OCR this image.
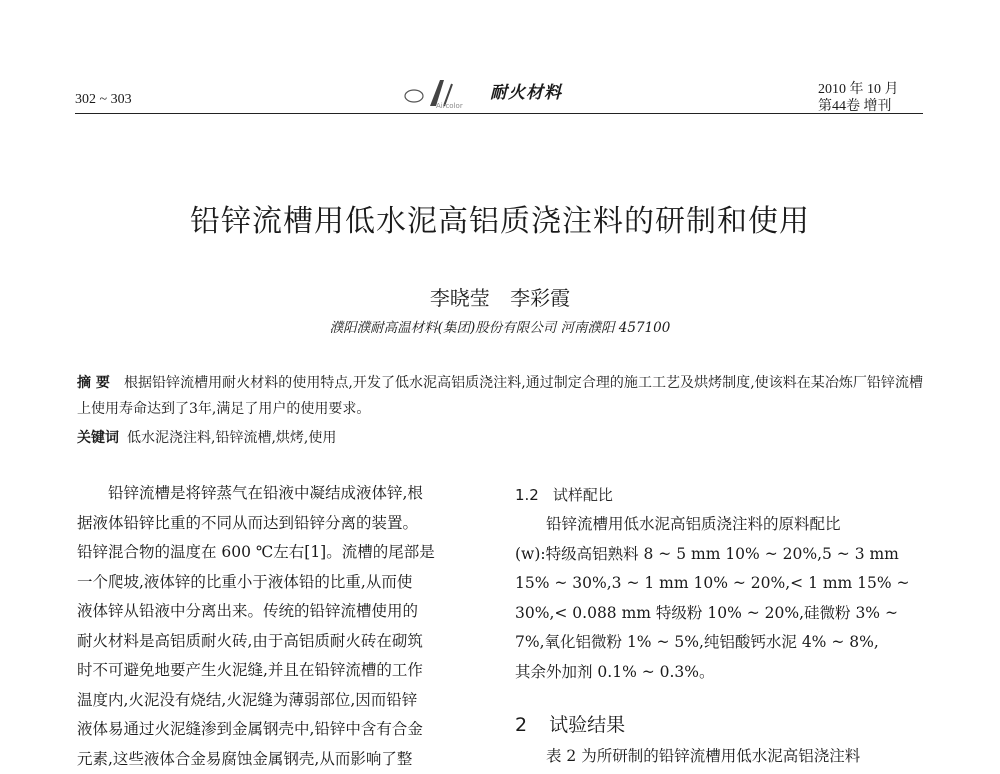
302 ~ 303	Aircolor
耐火材料	2010 年 10 月
第44卷 增刊
铅锌流槽用低水泥高铝质浇注料的研制和使用
李晓莹 李彩霞
濮阳濮耐高温材料(集团)股份有限公司 河南濮阳 457100
摘 要 根据铅锌流槽用耐火材料的使用特点,开发了低水泥高铝质浇注料,通过制定合理的施工工艺及烘烤制度,使该料在某冶炼厂铅锌流槽上使用寿命达到了3年,满足了用户的使用要求。
关键词 低水泥浇注料,铅锌流槽,烘烤,使用
铅锌流槽是将锌蒸气在铅液中凝结成液体锌,根
据液体铅锌比重的不同从而达到铅锌分离的装置。
铅锌混合物的温度在 600 ℃左右[1]。流槽的尾部是
一个爬坡,液体锌的比重小于液体铅的比重,从而使
液体锌从铅液中分离出来。传统的铅锌流槽使用的
耐火材料是高铝质耐火砖,由于高铝质耐火砖在砌筑
时不可避免地要产生火泥缝,并且在铅锌流槽的工作
温度内,火泥没有烧结,火泥缝为薄弱部位,因而铅锌
液体易通过火泥缝渗到金属钢壳中,铅锌中含有合金
元素,这些液体合金易腐蚀金属钢壳,从而影响了整
1.2 试样配比
铅锌流槽用低水泥高铝质浇注料的原料配比
(w):特级高铝熟料 8 ~ 5 mm 10% ~ 20%,5 ~ 3 mm
15% ~ 30%,3 ~ 1 mm 10% ~ 20%,< 1 mm 15% ~
30%,< 0.088 mm 特级粉 10% ~ 20%,硅微粉 3% ~
7%,氧化铝微粉 1% ~ 5%,纯铝酸钙水泥 4% ~ 8%,
其余外加剂 0.1% ~ 0.3%。
2 试验结果
表 2 为所研制的铅锌流槽用低水泥高铝浇注料
